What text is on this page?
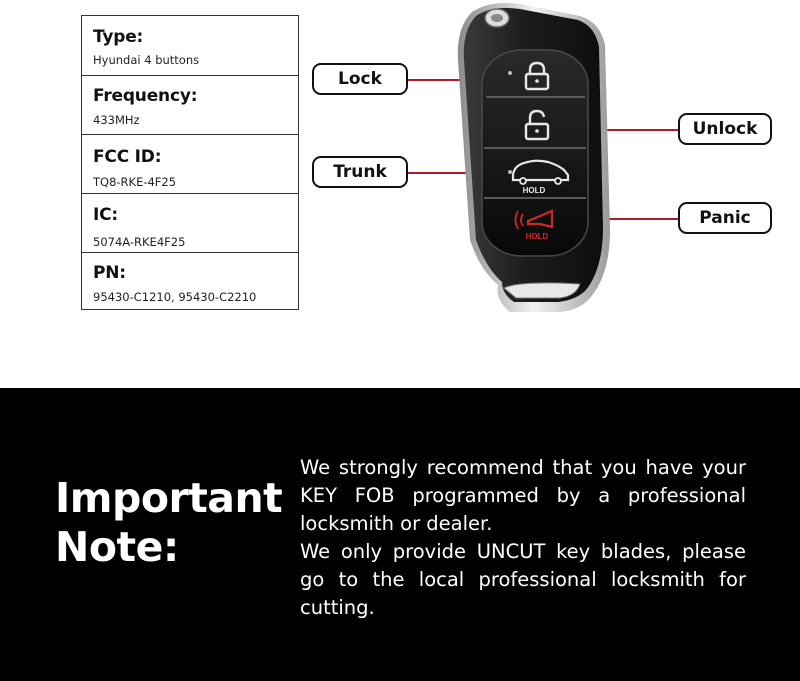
Type:
Hyundai 4 buttons
Frequency:
433MHz
FCC ID:
TQ8-RKE-4F25
IC:
5074A-RKE4F25
PN:
95430-C1210, 95430-C2210
Lock
Trunk
Unlock
Panic
HOLD
HOLD
Important
Note:

We strongly recommend that you have your KEY FOB programmed by a professional locksmith or dealer.

We only provide UNCUT key blades, please go to the local professional locksmith for cutting.
